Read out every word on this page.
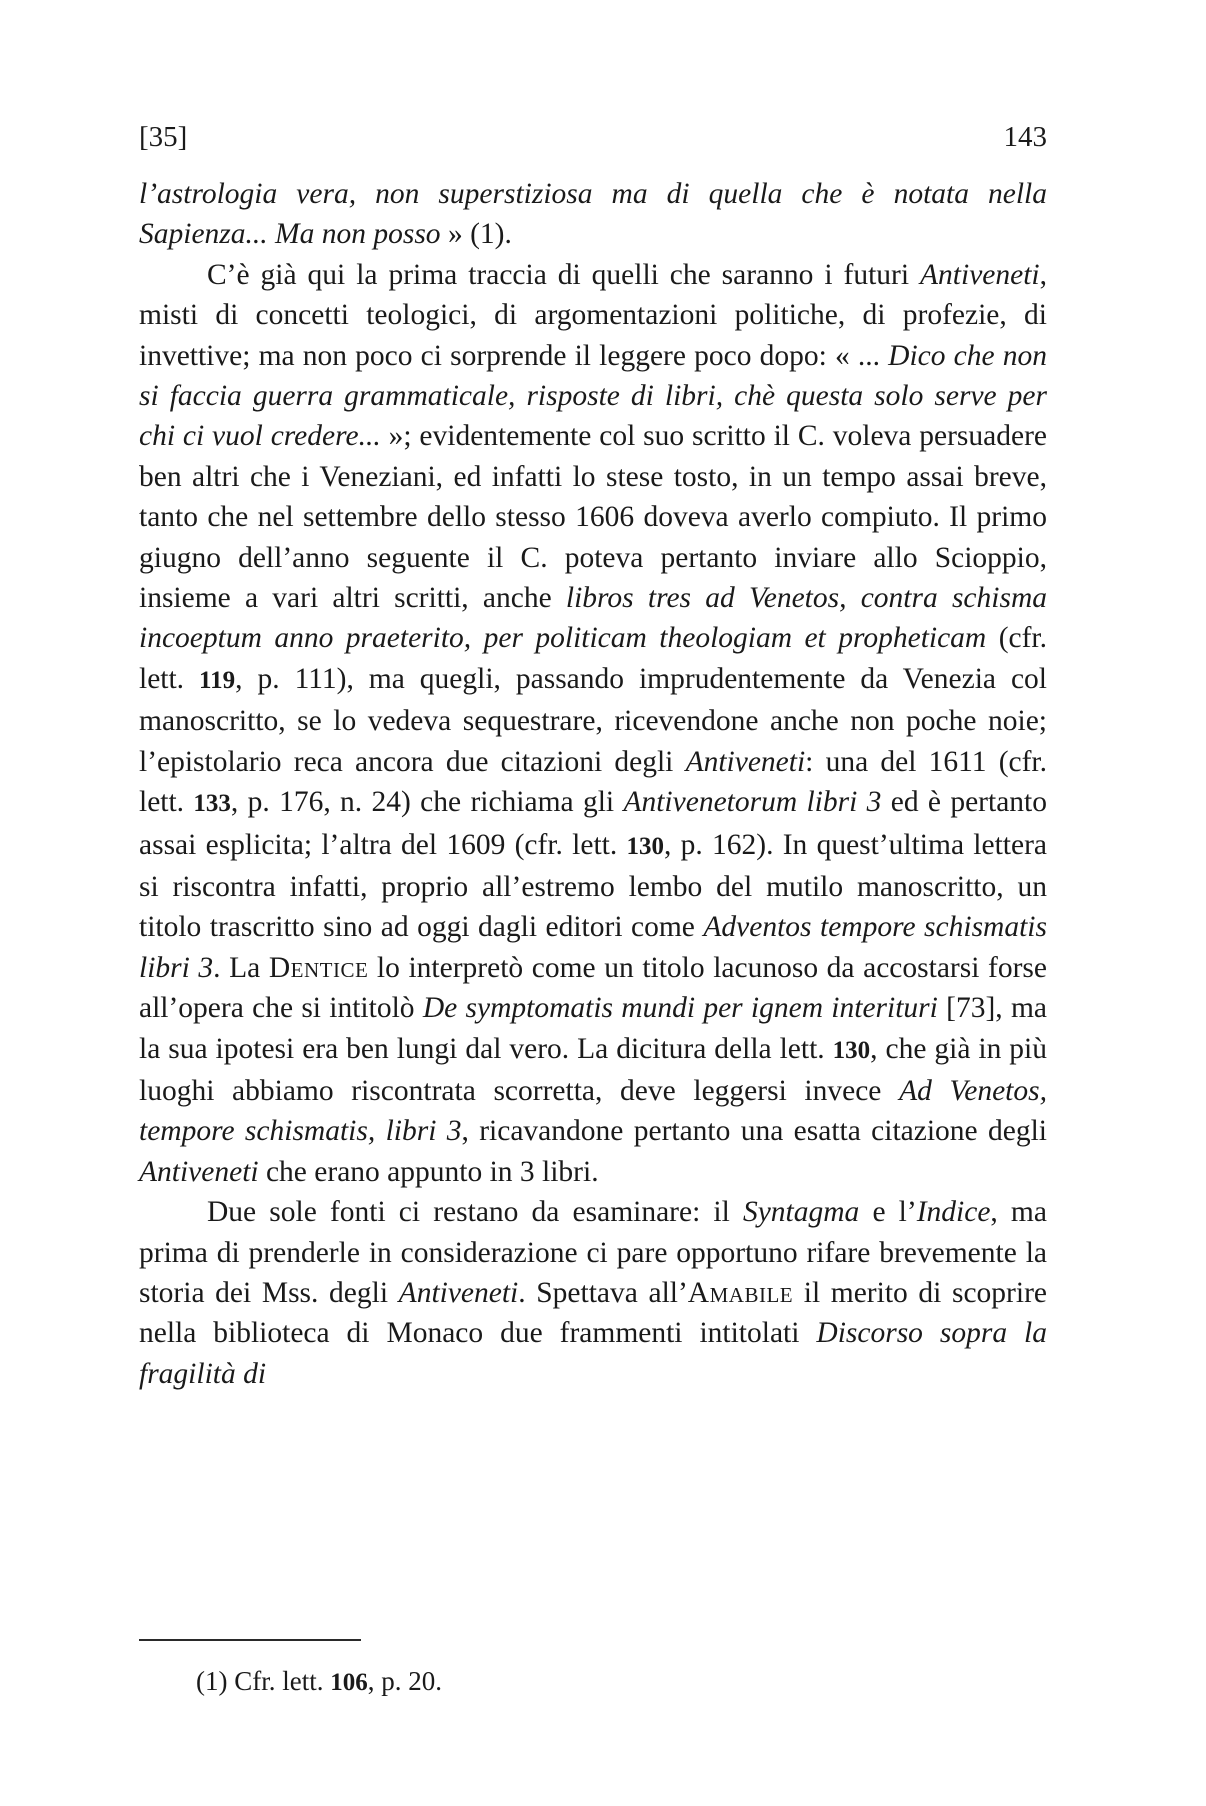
[35]	143

l’astrologia vera, non superstiziosa ma di quella che è notata nella Sapienza... Ma non posso » (1).

C’è già qui la prima traccia di quelli che saranno i futuri Antiveneti, misti di concetti teologici, di argomentazioni politiche, di profezie, di invettive; ma non poco ci sorprende il leggere poco dopo: « ... Dico che non si faccia guerra grammaticale, risposte di libri, chè questa solo serve per chi ci vuol credere... »; evidentemente col suo scritto il C. voleva persuadere ben altri che i Veneziani, ed infatti lo stese tosto, in un tempo assai breve, tanto che nel settembre dello stesso 1606 doveva averlo compiuto. Il primo giugno dell’anno seguente il C. poteva pertanto inviare allo Scioppio, insieme a vari altri scritti, anche libros tres ad Venetos, contra schisma incoeptum anno praeterito, per politicam theologiam et propheticam (cfr. lett. 119, p. 111), ma quegli, passando imprudentemente da Venezia col manoscritto, se lo vedeva sequestrare, ricevendone anche non poche noie; l’epistolario reca ancora due citazioni degli Antiveneti: una del 1611 (cfr. lett. 133, p. 176, n. 24) che richiama gli Antivenetorum libri 3 ed è pertanto assai esplicita; l’altra del 1609 (cfr. lett. 130, p. 162). In quest’ultima lettera si riscontra infatti, proprio all’estremo lembo del mutilo manoscritto, un titolo trascritto sino ad oggi dagli editori come Adventos tempore schismatis libri 3. La Dentice lo interpretò come un titolo lacunoso da accostarsi forse all’opera che si intitolò De symptomatis mundi per ignem interituri [73], ma la sua ipotesi era ben lungi dal vero. La dicitura della lett. 130, che già in più luoghi abbiamo riscontrata scorretta, deve leggersi invece Ad Venetos, tempore schismatis, libri 3, ricavandone pertanto una esatta citazione degli Antiveneti che erano appunto in 3 libri.

Due sole fonti ci restano da esaminare: il Syntagma e l’Indice, ma prima di prenderle in considerazione ci pare opportuno rifare brevemente la storia dei Mss. degli Antiveneti. Spettava all’Amabile il merito di scoprire nella biblioteca di Monaco due frammenti intitolati Discorso sopra la fragilità di

(1) Cfr. lett. 106, p. 20.
